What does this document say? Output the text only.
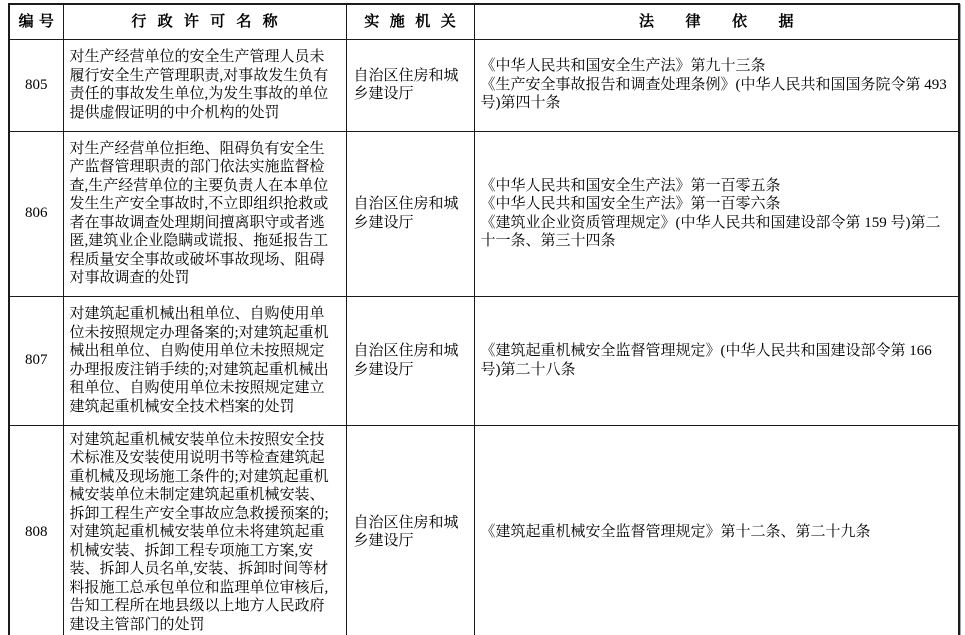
编号	行政许可名称	实施机关	法律依据
805	对生产经营单位的安全生产管理人员未履行安全生产管理职责,对事故发生负有责任的事故发生单位,为发生事故的单位提供虚假证明的中介机构的处罚	自治区住房和城乡建设厅	《中华人民共和国安全生产法》第九十三条
《生产安全事故报告和调查处理条例》(中华人民共和国国务院令第 493 号)第四十条

806	对生产经营单位拒绝、阻碍负有安全生产监督管理职责的部门依法实施监督检查,生产经营单位的主要负责人在本单位发生生产安全事故时,不立即组织抢救或者在事故调查处理期间擅离职守或者逃匿,建筑业企业隐瞒或谎报、拖延报告工程质量安全事故或破坏事故现场、阻碍对事故调查的处罚	自治区住房和城乡建设厅	《中华人民共和国安全生产法》第一百零五条
《中华人民共和国安全生产法》第一百零六条
《建筑业企业资质管理规定》(中华人民共和国建设部令第 159 号)第二十一条、第三十四条

807	对建筑起重机械出租单位、自购使用单位未按照规定办理备案的;对建筑起重机械出租单位、自购使用单位未按照规定办理报废注销手续的;对建筑起重机械出租单位、自购使用单位未按照规定建立建筑起重机械安全技术档案的处罚	自治区住房和城乡建设厅	《建筑起重机械安全监督管理规定》(中华人民共和国建设部令第 166 号)第二十八条

808	对建筑起重机械安装单位未按照安全技术标准及安装使用说明书等检查建筑起重机械及现场施工条件的;对建筑起重机械安装单位未制定建筑起重机械安装、拆卸工程生产安全事故应急救援预案的;对建筑起重机械安装单位未将建筑起重机械安装、拆卸工程专项施工方案,安装、拆卸人员名单,安装、拆卸时间等材料报施工总承包单位和监理单位审核后,告知工程所在地县级以上地方人民政府建设主管部门的处罚	自治区住房和城乡建设厅	《建筑起重机械安全监督管理规定》第十二条、第二十九条
